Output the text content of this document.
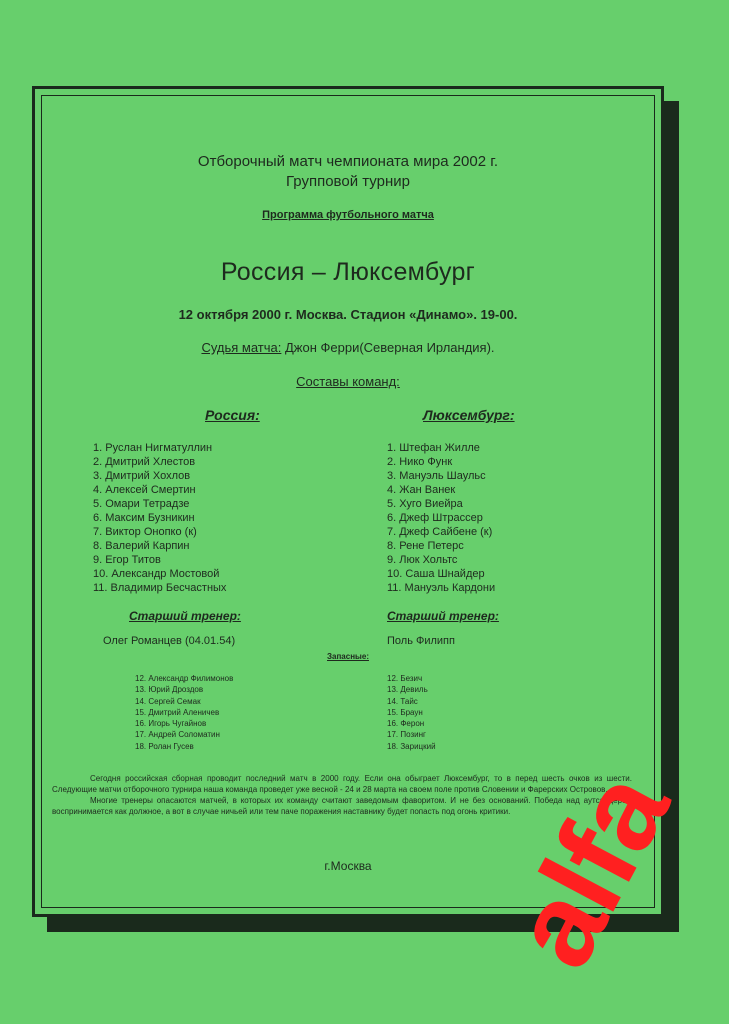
Отборочный матч чемпионата мира 2002 г.
Групповой турнир
Программа футбольного матча
Россия – Люксембург
12 октября 2000 г. Москва. Стадион «Динамо». 19-00.
Судья матча: Джон Ферри(Северная Ирландия).
Составы команд:
Россия:	Люксембург:
1. Руслан Нигматуллин
2. Дмитрий Хлестов
3. Дмитрий Хохлов
4. Алексей Смертин
5. Омари Тетрадзе
6. Максим Бузникин
7. Виктор Онопко (к)
8. Валерий Карпин
9. Егор Титов
10. Александр Мостовой
11. Владимир Бесчастных
1. Штефан Жилле
2. Нико Функ
3. Мануэль Шаульс
4. Жан Ванек
5. Хуго Виейра
6. Джеф Штрассер
7. Джеф Сайбене (к)
8. Рене Петерс
9. Люк Хольтс
10. Саша Шнайдер
11. Мануэль Кардони
Старший тренер:	Старший тренер:
Олег Романцев (04.01.54)	Поль Филипп
Запасные:
12. Александр Филимонов
13. Юрий Дроздов
14. Сергей Семак
15. Дмитрий Аленичев
16. Игорь Чугайнов
17. Андрей Соломатин
18. Ролан Гусев
12. Безич
13. Девиль
14. Тайс
15. Браун
16. Ферон
17. Позинг
18. Зарицкий
г.Москва

Сегодня российская сборная проводит последний матч в 2000 году. Если она обыграет Люксембург, то в перед шесть очков из шести. Следующие матчи отборочного турнира наша команда проведет уже весной - 24 и 28 марта на своем поле против Словении и Фарерских Островов.

Многие тренеры опасаются матчей, в которых их команду считают заведомым фаворитом. И не без оснований. Победа над аутсайдером воспринимается как должное, а вот в случае ничьей или тем паче поражения наставнику будет попасть под огонь критики.

alfa
